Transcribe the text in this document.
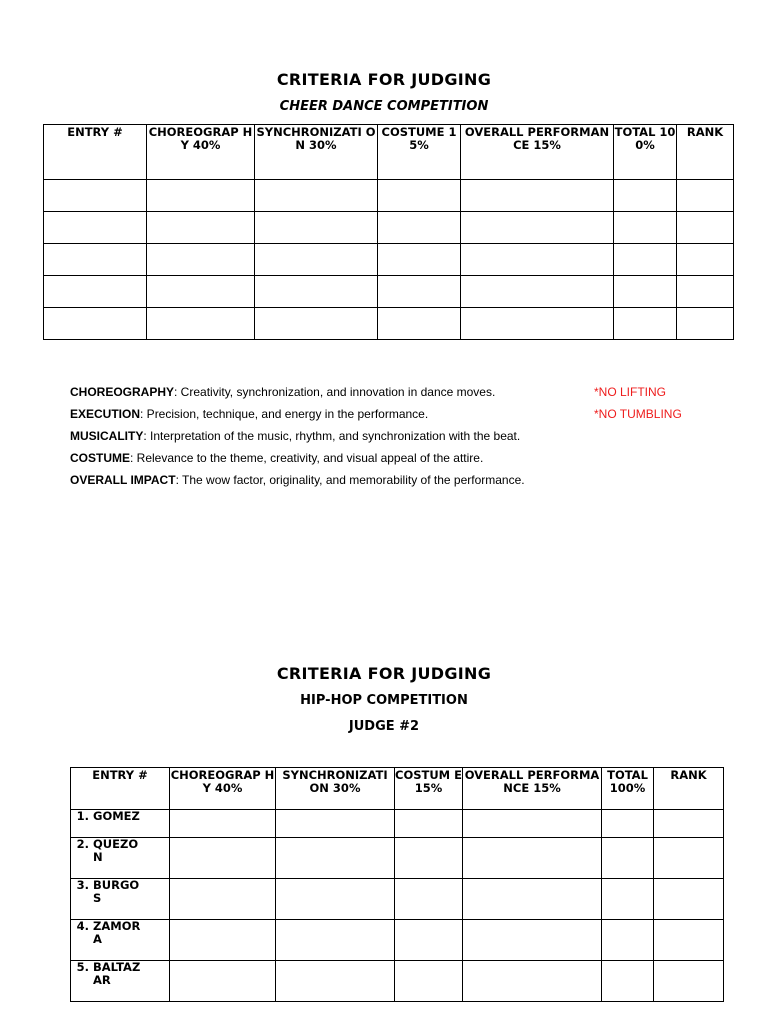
CRITERIA FOR JUDGING
CHEER DANCE COMPETITION
ENTRY #	CHOREOGRAP HY 40%	SYNCHRONIZATI ON 30%	COSTUME 15%	OVERALL PERFORMANCE 15%	TOTAL 100%	RANK

CHOREOGRAPHY: Creativity, synchronization, and innovation in dance moves.
EXECUTION: Precision, technique, and energy in the performance.
MUSICALITY: Interpretation of the music, rhythm, and synchronization with the beat.
COSTUME: Relevance to the theme, creativity, and visual appeal of the attire.
OVERALL IMPACT: The wow factor, originality, and memorability of the performance.
*NO LIFTING
*NO TUMBLING
CRITERIA FOR JUDGING
HIP-HOP COMPETITION
JUDGE #2
ENTRY #	CHOREOGRAP HY 40%	SYNCHRONIZATI ON 30%	COSTUM E 15%	OVERALL PERFORMANCE 15%	TOTAL 100%	RANK
1. GOMEZ						
2. QUEZON						
3. BURGOS						
4. ZAMORA						
5. BALTAZAR						
